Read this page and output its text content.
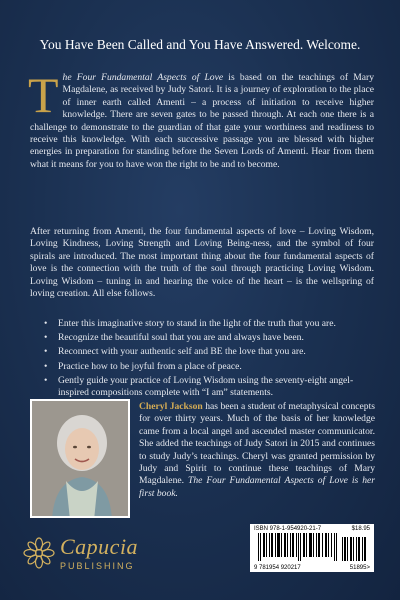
You Have Been Called and You Have Answered. Welcome.
The Four Fundamental Aspects of Love is based on the teachings of Mary Magdalene, as received by Judy Satori. It is a journey of exploration to the place of inner earth called Amenti – a process of initiation to receive higher knowledge. There are seven gates to be passed through. At each one there is a challenge to demonstrate to the guardian of that gate your worthiness and readiness to receive this knowledge. With each successive passage you are blessed with higher energies in preparation for standing before the Seven Lords of Amenti. Hear from them what it means for you to have won the right to be and to become.
After returning from Amenti, the four fundamental aspects of love – Loving Wisdom, Loving Kindness, Loving Strength and Loving Being-ness, and the symbol of four spirals are introduced. The most important thing about the four fundamental aspects of love is the connection with the truth of the soul through practicing Loving Wisdom. Loving Wisdom – tuning in and hearing the voice of the heart – is the wellspring of loving creation. All else follows.
• Enter this imaginative story to stand in the light of the truth that you are.
• Recognize the beautiful soul that you are and always have been.
• Reconnect with your authentic self and BE the love that you are.
• Practice how to be joyful from a place of peace.
• Gently guide your practice of Loving Wisdom using the seventy-eight angel-inspired compositions complete with “I am” statements.
Cheryl Jackson has been a student of metaphysical concepts for over thirty years. Much of the basis of her knowledge came from a local angel and ascended master communicator. She added the teachings of Judy Satori in 2015 and continues to study Judy’s teachings. Cheryl was granted permission by Judy and Spirit to continue these teachings of Mary Magdalene. The Four Fundamental Aspects of Love is her first book.
Capucia
PUBLISHING
ISBN 978-1-954920-21-7	$18.95
9 781954 920217	51895>
